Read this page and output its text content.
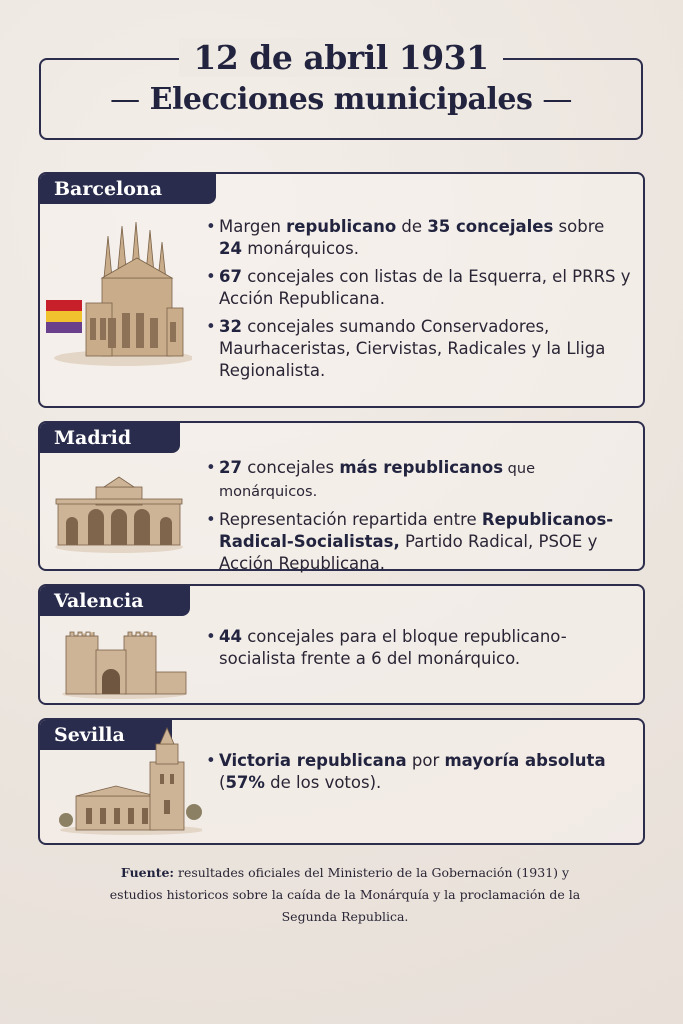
12 de abril 1931
— Elecciones municipales —
Barcelona
• Margen republicano de 35 concejales sobre 24 monárquicos.
• 67 concejales con listas de la Esquerra, el PRRS y Acción Republicana.
• 32 concejales sumando Conservadores, Maurhaceristas, Ciervistas, Radicales y la Lliga Regionalista.
Madrid
• 27 concejales más republicanos que monárquicos.
• Representación repartida entre Republicanos-Radical-Socialistas, Partido Radical, PSOE y Acción Republicana.
Valencia
• 44 concejales para el bloque republicano-socialista frente a 6 del monárquico.
Sevilla
• Victoria republicana por mayoría absoluta (57% de los votos).
Fuente: resultades oficiales del Ministerio de la Gobernación (1931) y estudios historicos sobre la caída de la Monárquía y la proclamación de la Segunda Republica.
